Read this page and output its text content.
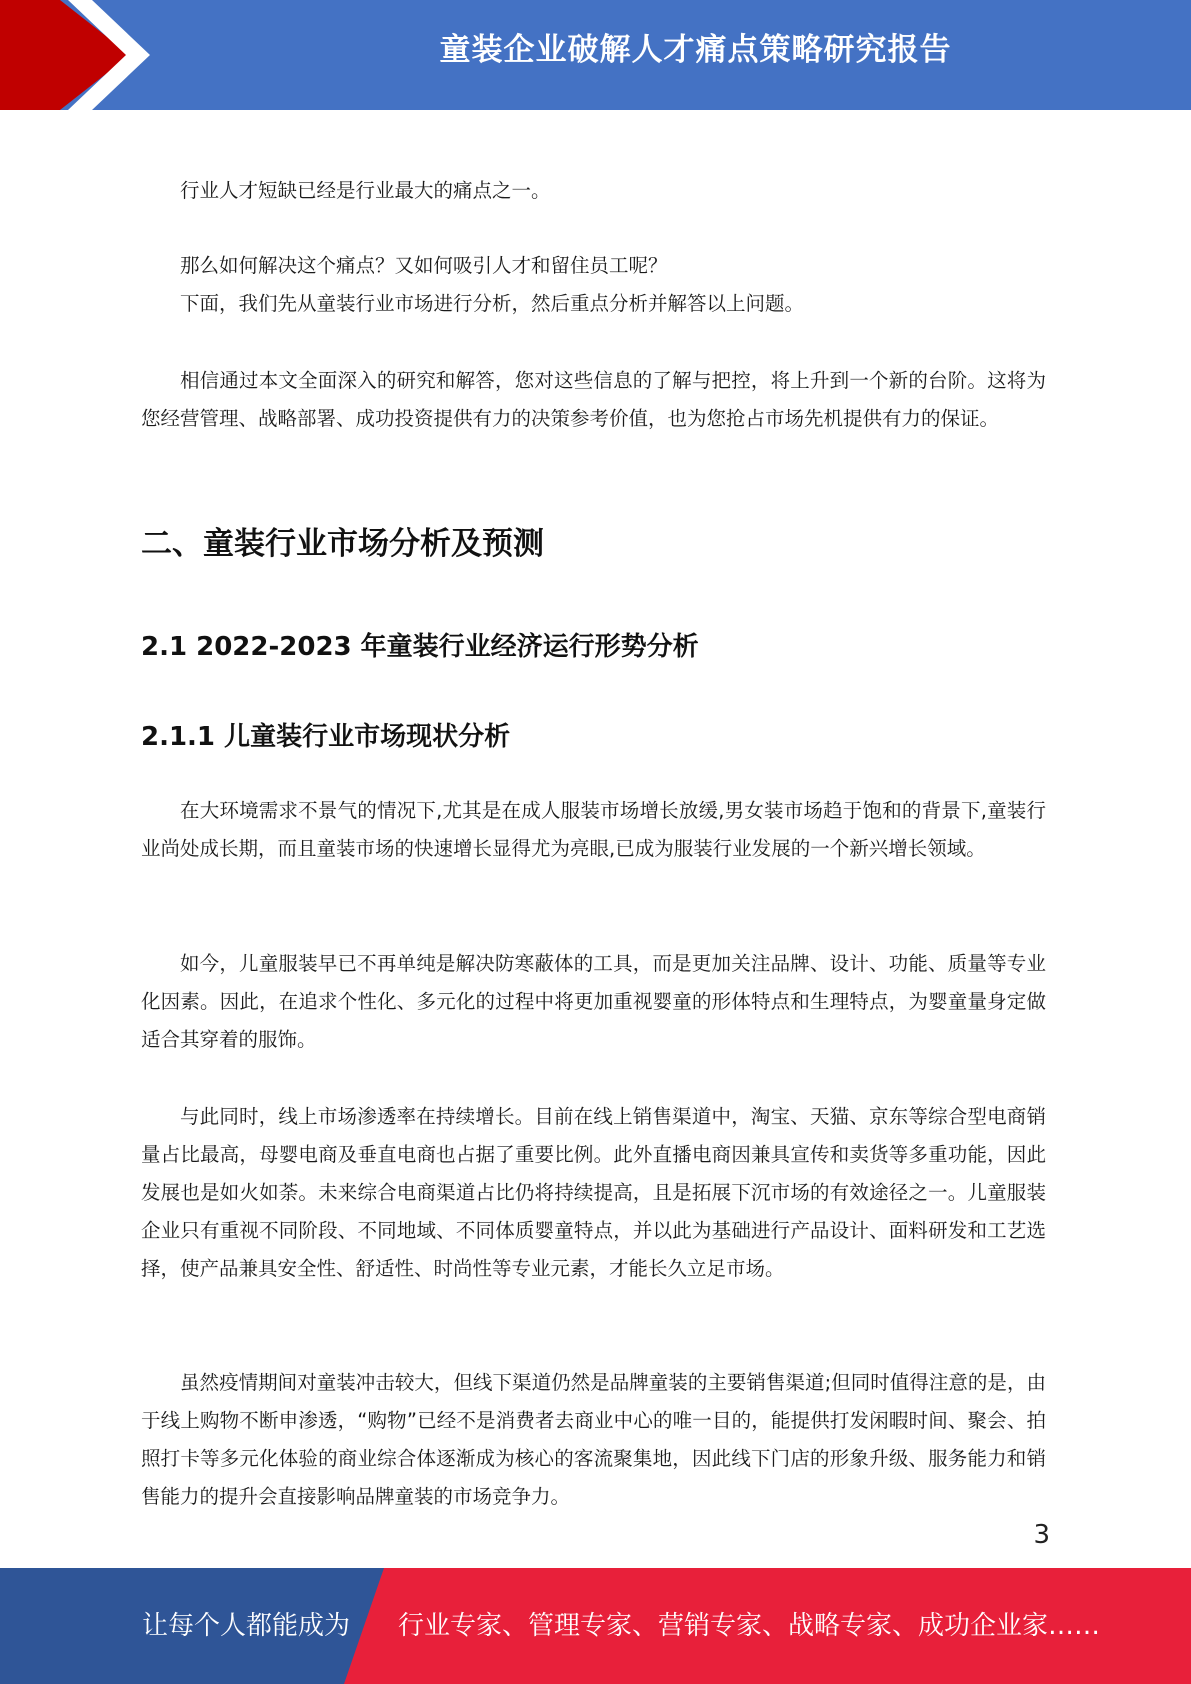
童装企业破解人才痛点策略研究报告
行业人才短缺已经是行业最大的痛点之一。
那么如何解决这个痛点？又如何吸引人才和留住员工呢？
下面，我们先从童装行业市场进行分析，然后重点分析并解答以上问题。
相信通过本文全面深入的研究和解答，您对这些信息的了解与把控，将上升到一个新的台阶。这将为您经营管理、战略部署、成功投资提供有力的决策参考价值，也为您抢占市场先机提供有力的保证。
二、童装行业市场分析及预测
2.1 2022-2023 年童装行业经济运行形势分析
2.1.1 儿童装行业市场现状分析
在大环境需求不景气的情况下,尤其是在成人服装市场增长放缓,男女装市场趋于饱和的背景下,童装行业尚处成长期，而且童装市场的快速增长显得尤为亮眼,已成为服装行业发展的一个新兴增长领域。
如今，儿童服装早已不再单纯是解决防寒蔽体的工具，而是更加关注品牌、设计、功能、质量等专业化因素。因此，在追求个性化、多元化的过程中将更加重视婴童的形体特点和生理特点，为婴童量身定做适合其穿着的服饰。
与此同时，线上市场渗透率在持续增长。目前在线上销售渠道中，淘宝、天猫、京东等综合型电商销量占比最高，母婴电商及垂直电商也占据了重要比例。此外直播电商因兼具宣传和卖货等多重功能，因此发展也是如火如荼。未来综合电商渠道占比仍将持续提高，且是拓展下沉市场的有效途径之一。儿童服装企业只有重视不同阶段、不同地域、不同体质婴童特点，并以此为基础进行产品设计、面料研发和工艺选择，使产品兼具安全性、舒适性、时尚性等专业元素，才能长久立足市场。
虽然疫情期间对童装冲击较大，但线下渠道仍然是品牌童装的主要销售渠道;但同时值得注意的是，由于线上购物不断申渗透，“购物”已经不是消费者去商业中心的唯一目的，能提供打发闲暇时间、聚会、拍照打卡等多元化体验的商业综合体逐渐成为核心的客流聚集地，因此线下门店的形象升级、服务能力和销售能力的提升会直接影响品牌童装的市场竞争力。
3
让每个人都能成为 行业专家、管理专家、营销专家、战略专家、成功企业家……
